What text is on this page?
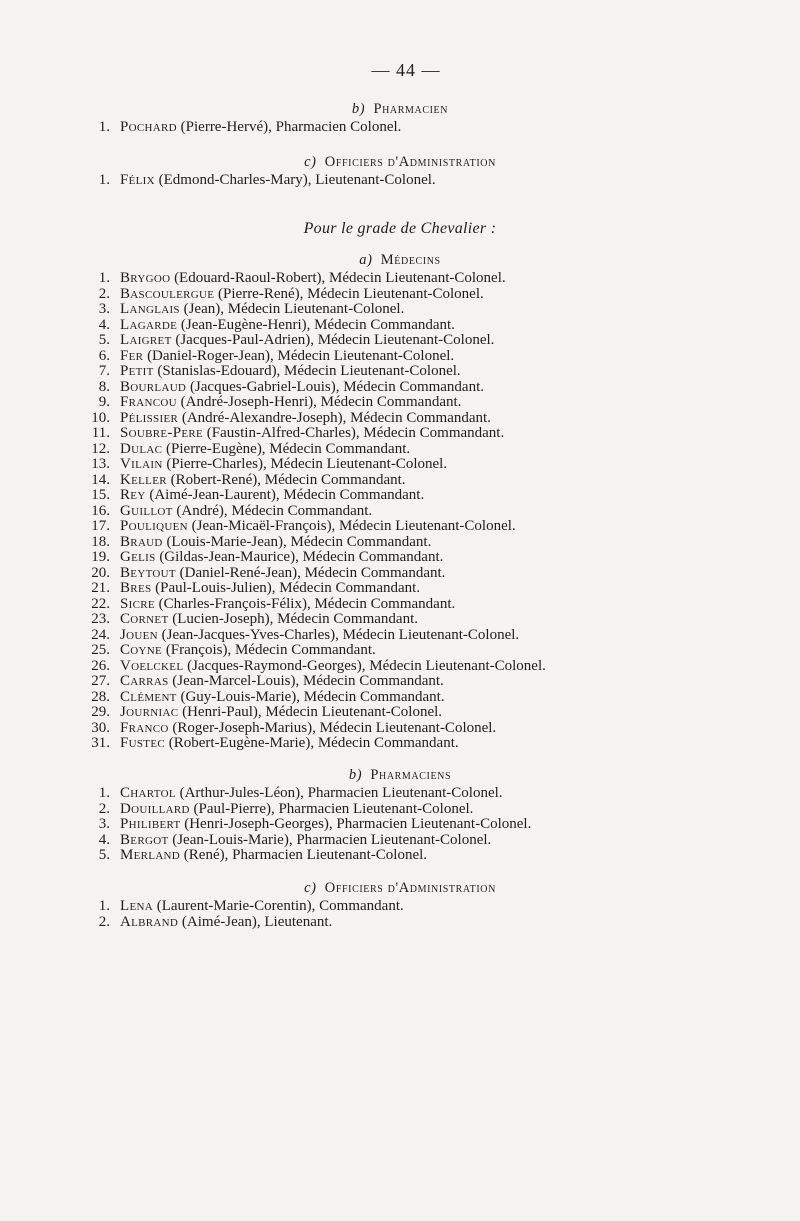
— 44 —
b) Pharmacien
1. Pochard (Pierre-Hervé), Pharmacien Colonel.
c) Officiers d'Administration
1. Félix (Edmond-Charles-Mary), Lieutenant-Colonel.
Pour le grade de Chevalier :
a) Médecins
1. Brygoo (Edouard-Raoul-Robert), Médecin Lieutenant-Colonel.
2. Bascoulergue (Pierre-René), Médecin Lieutenant-Colonel.
3. Langlais (Jean), Médecin Lieutenant-Colonel.
4. Lagarde (Jean-Eugène-Henri), Médecin Commandant.
5. Laigret (Jacques-Paul-Adrien), Médecin Lieutenant-Colonel.
6. Fer (Daniel-Roger-Jean), Médecin Lieutenant-Colonel.
7. Petit (Stanislas-Edouard), Médecin Lieutenant-Colonel.
8. Bourlaud (Jacques-Gabriel-Louis), Médecin Commandant.
9. Francou (André-Joseph-Henri), Médecin Commandant.
10. Pélissier (André-Alexandre-Joseph), Médecin Commandant.
11. Soubre-Pere (Faustin-Alfred-Charles), Médecin Commandant.
12. Dulac (Pierre-Eugène), Médecin Commandant.
13. Vilain (Pierre-Charles), Médecin Lieutenant-Colonel.
14. Keller (Robert-René), Médecin Commandant.
15. Rey (Aimé-Jean-Laurent), Médecin Commandant.
16. Guillot (André), Médecin Commandant.
17. Pouliquen (Jean-Micaël-François), Médecin Lieutenant-Colonel.
18. Braud (Louis-Marie-Jean), Médecin Commandant.
19. Gelis (Gildas-Jean-Maurice), Médecin Commandant.
20. Beytout (Daniel-René-Jean), Médecin Commandant.
21. Bres (Paul-Louis-Julien), Médecin Commandant.
22. Sicre (Charles-François-Félix), Médecin Commandant.
23. Cornet (Lucien-Joseph), Médecin Commandant.
24. Jouen (Jean-Jacques-Yves-Charles), Médecin Lieutenant-Colonel.
25. Coyne (François), Médecin Commandant.
26. Voelckel (Jacques-Raymond-Georges), Médecin Lieutenant-Colonel.
27. Carras (Jean-Marcel-Louis), Médecin Commandant.
28. Clément (Guy-Louis-Marie), Médecin Commandant.
29. Journiac (Henri-Paul), Médecin Lieutenant-Colonel.
30. Franco (Roger-Joseph-Marius), Médecin Lieutenant-Colonel.
31. Fustec (Robert-Eugène-Marie), Médecin Commandant.
b) Pharmaciens
1. Chartol (Arthur-Jules-Léon), Pharmacien Lieutenant-Colonel.
2. Douillard (Paul-Pierre), Pharmacien Lieutenant-Colonel.
3. Philibert (Henri-Joseph-Georges), Pharmacien Lieutenant-Colonel.
4. Bergot (Jean-Louis-Marie), Pharmacien Lieutenant-Colonel.
5. Merland (René), Pharmacien Lieutenant-Colonel.
c) Officiers d'Administration
1. Lena (Laurent-Marie-Corentin), Commandant.
2. Albrand (Aimé-Jean), Lieutenant.
